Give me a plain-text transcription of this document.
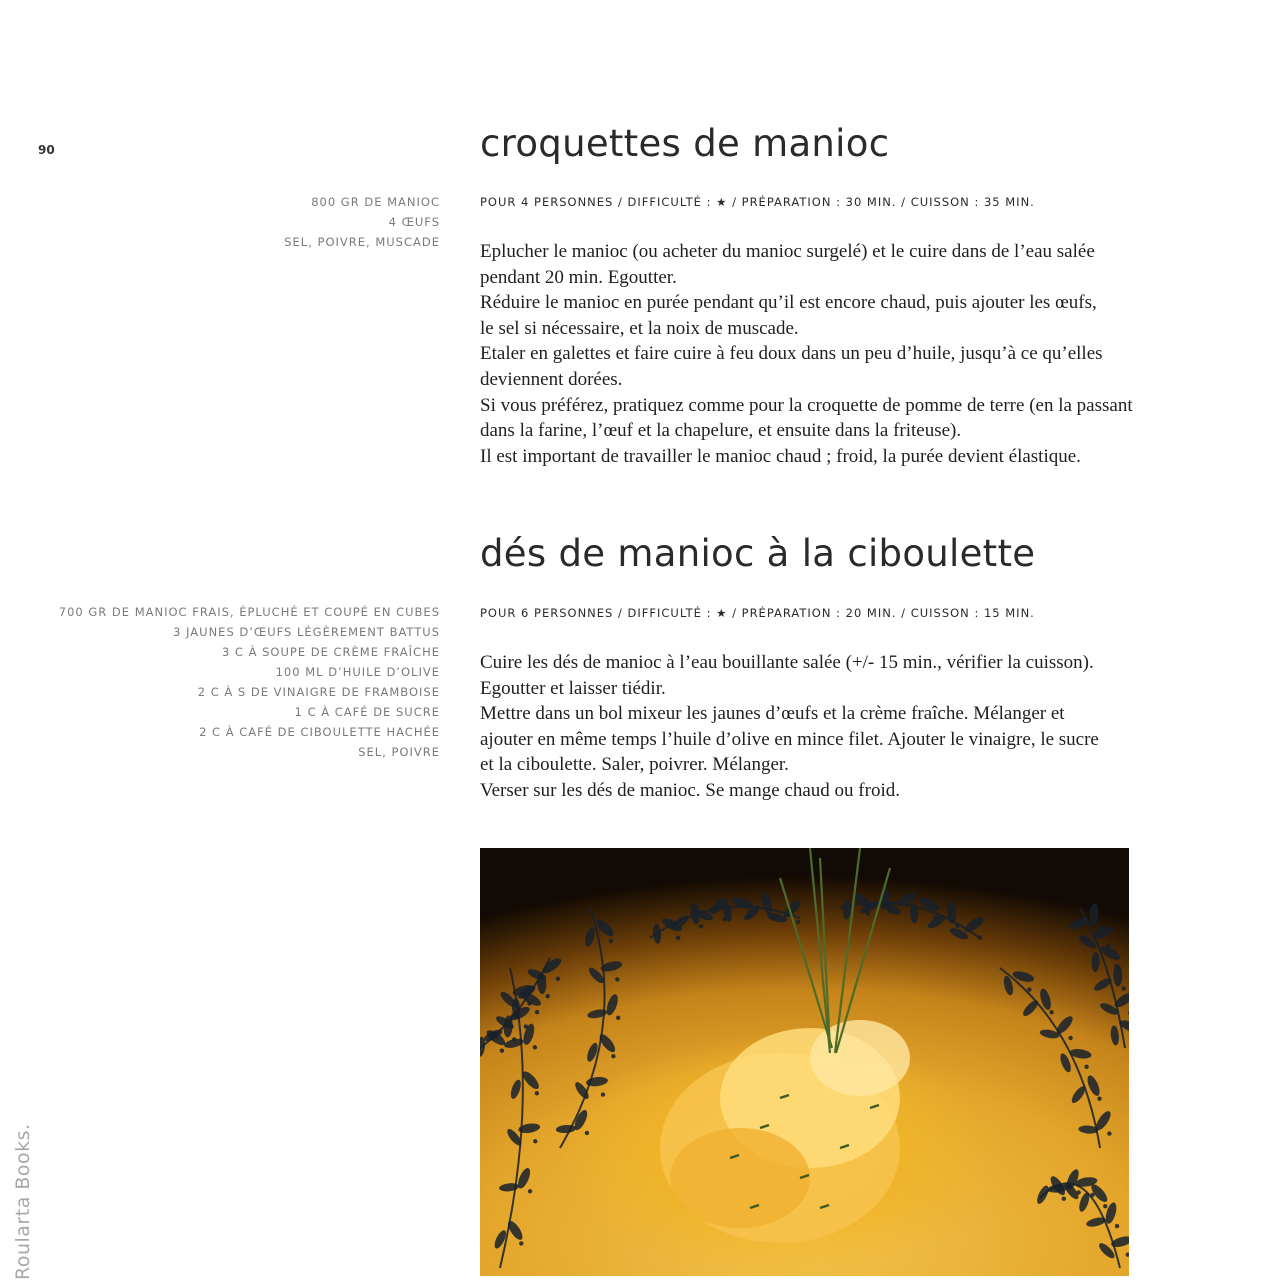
90	croquettes de manioc
POUR 4 PERSONNES / DIFFICULTÉ : ★ / PRÉPARATION : 30 MIN. / CUISSON : 35 MIN.
800 GR DE MANIOC
4 ŒUFS
SEL, POIVRE, MUSCADE Eplucher le manioc (ou acheter du manioc surgelé) et le cuire dans de l’eau salée

pendant 20 min. Egoutter.

Réduire le manioc en purée pendant qu’il est encore chaud, puis ajouter les œufs,

le sel si nécessaire, et la noix de muscade.

Etaler en galettes et faire cuire à feu doux dans un peu d’huile, jusqu’à ce qu’elles

deviennent dorées.

Si vous préférez, pratiquez comme pour la croquette de pomme de terre (en la passant

dans la farine, l’œuf et la chapelure, et ensuite dans la friteuse).

Il est important de travailler le manioc chaud ; froid, la purée devient élastique.

dés de manioc à la ciboulette
POUR 6 PERSONNES / DIFFICULTÉ : ★ / PRÉPARATION : 20 MIN. / CUISSON : 15 MIN.
700 GR DE MANIOC FRAIS, ÉPLUCHÉ ET COUPÉ EN CUBES
3 JAUNES D’ŒUFS LÉGÈREMENT BATTUS
3 C À SOUPE DE CRÈME FRAÎCHE
100 ML D’HUILE D’OLIVE
2 C À S DE VINAIGRE DE FRAMBOISE
1 C À CAFÉ DE SUCRE
2 C À CAFÉ DE CIBOULETTE HACHÉE
SEL, POIVRE

Cuire les dés de manioc à l’eau bouillante salée (+/- 15 min., vérifier la cuisson).

Egoutter et laisser tiédir.

Mettre dans un bol mixeur les jaunes d’œufs et la crème fraîche. Mélanger et

ajouter en même temps l’huile d’olive en mince filet. Ajouter le vinaigre, le sucre

et la ciboulette. Saler, poivrer. Mélanger.

Verser sur les dés de manioc. Se mange chaud ou froid.

Roularta Books.
